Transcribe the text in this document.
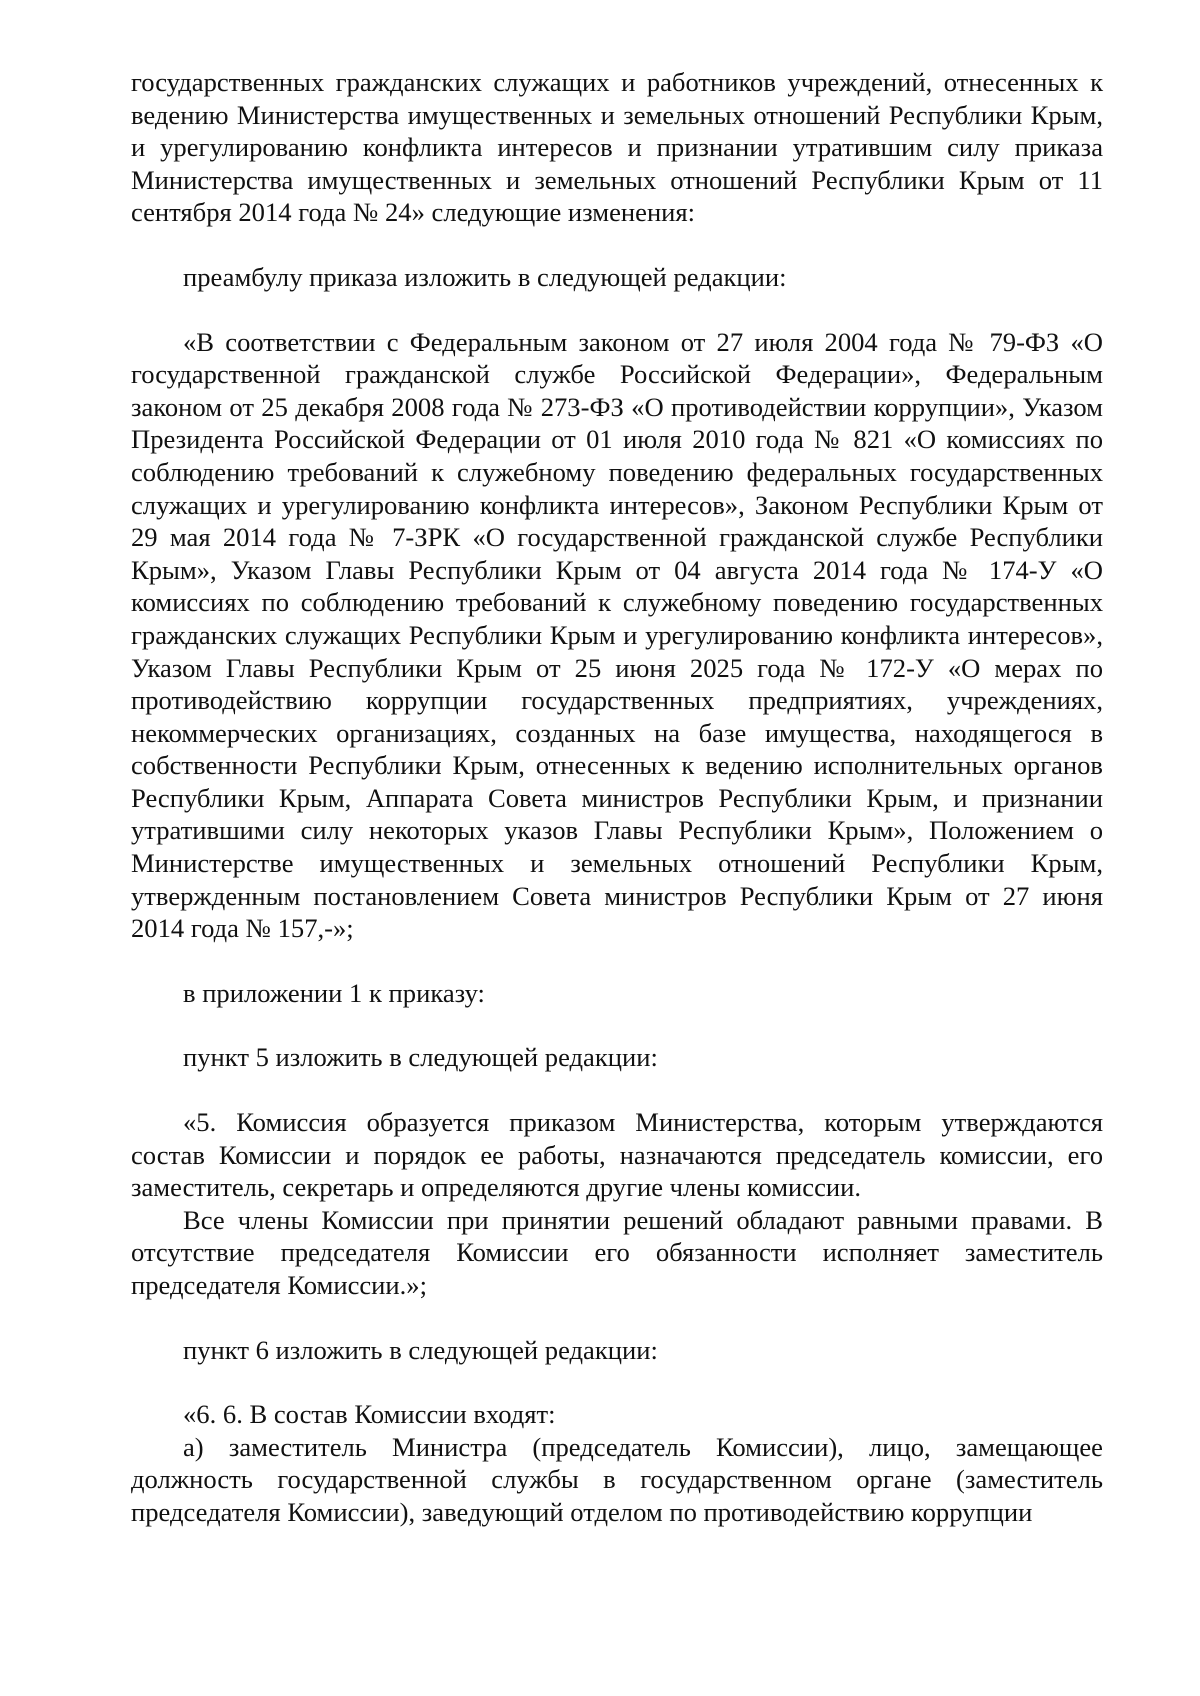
государственных гражданских служащих и работников учреждений, отнесенных к ведению Министерства имущественных и земельных отношений Республики Крым, и урегулированию конфликта интересов и признании утратившим силу приказа Министерства имущественных и земельных отношений Республики Крым от 11 сентября 2014 года № 24» следующие изменения:

преамбулу приказа изложить в следующей редакции:

«В соответствии с Федеральным законом от 27 июля 2004 года № 79-ФЗ «О государственной гражданской службе Российской Федерации», Федеральным законом от 25 декабря 2008 года № 273-ФЗ «О противодействии коррупции», Указом Президента Российской Федерации от 01 июля 2010 года № 821 «О комиссиях по соблюдению требований к служебному поведению федеральных государственных служащих и урегулированию конфликта интересов», Законом Республики Крым от 29 мая 2014 года № 7-ЗРК «О государственной гражданской службе Республики Крым», Указом Главы Республики Крым от 04 августа 2014 года № 174-У «О комиссиях по соблюдению требований к служебному поведению государственных гражданских служащих Республики Крым и урегулированию конфликта интересов», Указом Главы Республики Крым от 25 июня 2025 года № 172-У «О мерах по противодействию коррупции государственных предприятиях, учреждениях, некоммерческих организациях, созданных на базе имущества, находящегося в собственности Республики Крым, отнесенных к ведению исполнительных органов Республики Крым, Аппарата Совета министров Республики Крым, и признании утратившими силу некоторых указов Главы Республики Крым», Положением о Министерстве имущественных и земельных отношений Республики Крым, утвержденным постановлением Совета министров Республики Крым от 27 июня 2014 года № 157,-»;

в приложении 1 к приказу:

пункт 5 изложить в следующей редакции:

«5. Комиссия образуется приказом Министерства, которым утверждаются состав Комиссии и порядок ее работы, назначаются председатель комиссии, его заместитель, секретарь и определяются другие члены комиссии.

Все члены Комиссии при принятии решений обладают равными правами. В отсутствие председателя Комиссии его обязанности исполняет заместитель председателя Комиссии.»;

пункт 6 изложить в следующей редакции:

«6. 6. В состав Комиссии входят:

а) заместитель Министра (председатель Комиссии), лицо, замещающее должность государственной службы в государственном органе (заместитель председателя Комиссии), заведующий отделом по противодействию коррупции
